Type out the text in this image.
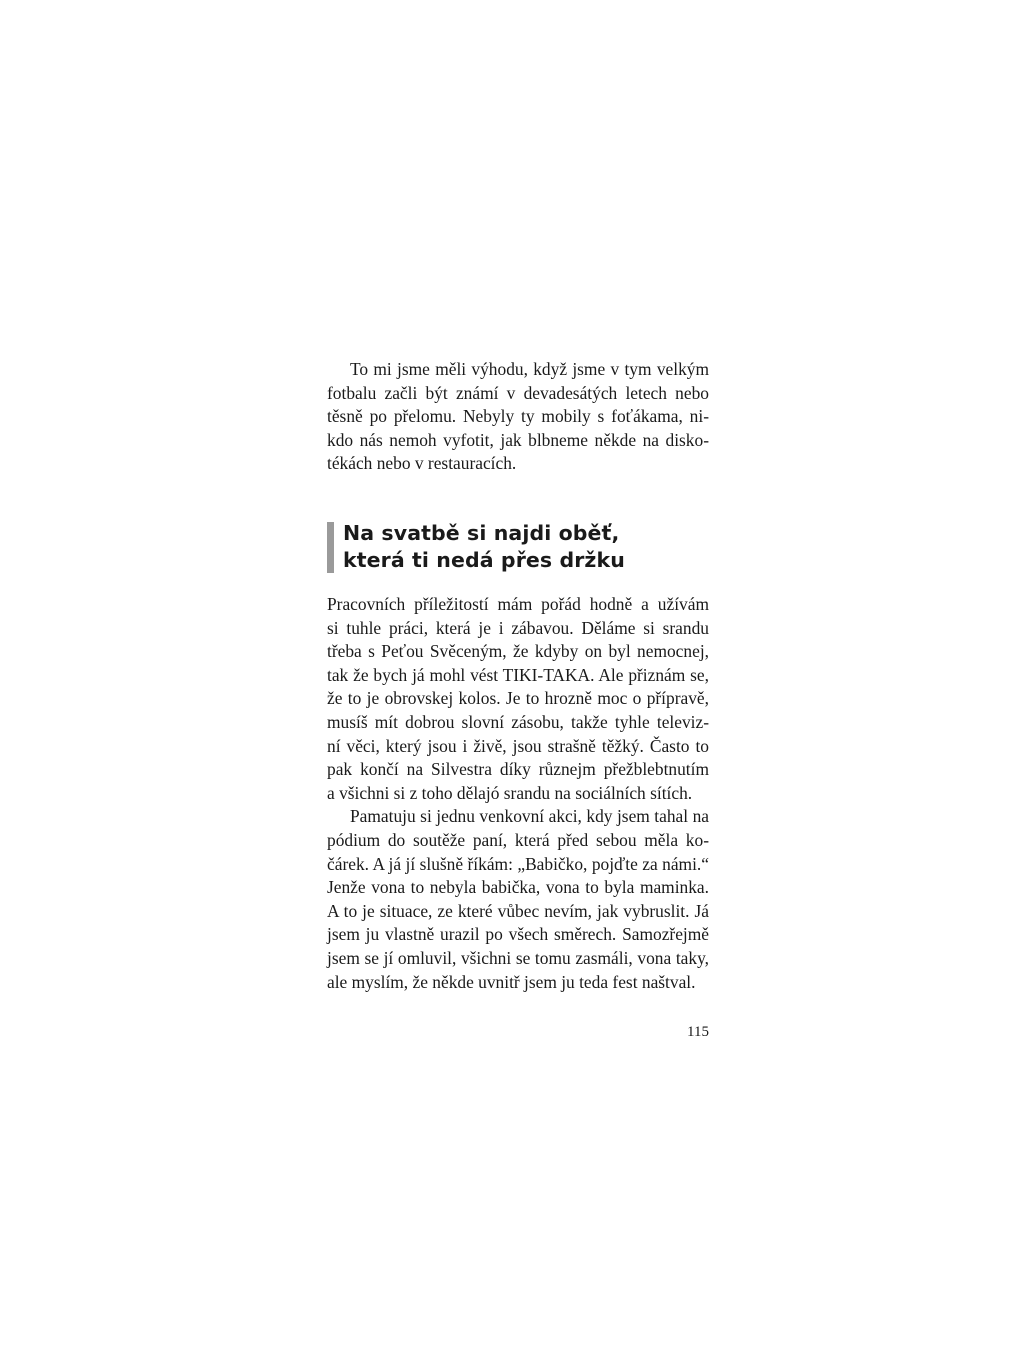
To mi jsme měli výhodu, když jsme v tym velkým
fotbalu začli být známí v devadesátých letech nebo
těsně po přelomu. Nebyly ty mobily s foťákama, ni-
kdo nás nemoh vyfotit, jak blbneme někde na disko-
tékách nebo v restauracích.
Na svatbě si najdi oběť,
která ti nedá přes držku
Pracovních příležitostí mám pořád hodně a užívám
si tuhle práci, která je i zábavou. Děláme si srandu
třeba s Peťou Svěceným, že kdyby on byl nemocnej,
tak že bych já mohl vést TIKI-TAKA. Ale přiznám se,
že to je obrovskej kolos. Je to hrozně moc o přípravě,
musíš mít dobrou slovní zásobu, takže tyhle televiz-
ní věci, který jsou i živě, jsou strašně těžký. Často to
pak končí na Silvestra díky různejm přežblebtnutím
a všichni si z toho dělajó srandu na sociálních sítích.
Pamatuju si jednu venkovní akci, kdy jsem tahal na
pódium do soutěže paní, která před sebou měla ko-
čárek. A já jí slušně říkám: „Babičko, pojďte za námi.“
Jenže vona to nebyla babička, vona to byla maminka.
A to je situace, ze které vůbec nevím, jak vybruslit. Já
jsem ju vlastně urazil po všech směrech. Samozřejmě
jsem se jí omluvil, všichni se tomu zasmáli, vona taky,
ale myslím, že někde uvnitř jsem ju teda fest naštval.
115
